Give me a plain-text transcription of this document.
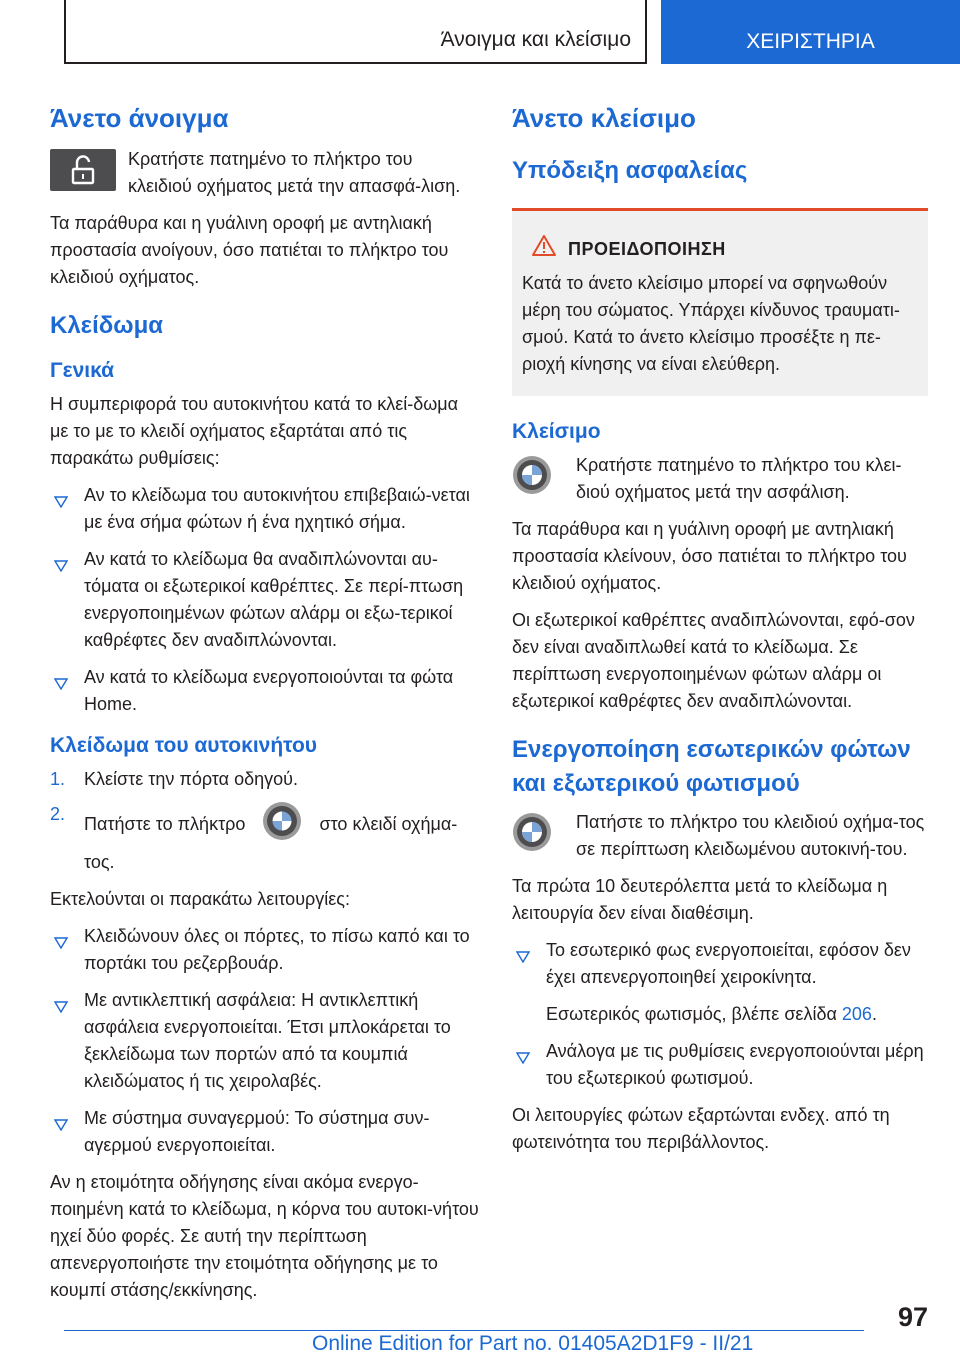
Άνοιγμα και κλείσιμο	ΧΕΙΡΙΣΤΗΡΙΑ
Άνετο άνοιγμα

Κρατήστε πατημένο το πλήκτρο του κλειδιού οχήματος μετά την απασφά-λιση.

Τα παράθυρα και η γυάλινη οροφή με αντηλιακή προστασία ανοίγουν, όσο πατιέται το πλήκτρο του κλειδιού οχήματος.

Κλείδωμα
Γενικά

Η συμπεριφορά του αυτοκινήτου κατά το κλεί-δωμα με το με το κλειδί οχήματος εξαρτάται από τις παρακάτω ρυθμίσεις:

Αν το κλείδωμα του αυτοκινήτου επιβεβαιώ-νεται με ένα σήμα φώτων ή ένα ηχητικό σήμα.
Αν κατά το κλείδωμα θα αναδιπλώνονται αυ-τόματα οι εξωτερικοί καθρέπτες. Σε περί-πτωση ενεργοποιημένων φώτων αλάρμ οι εξω-τερικοί καθρέφτες δεν αναδιπλώνονται.
Αν κατά το κλείδωμα ενεργοποιούνται τα φώτα Home.
Κλείδωμα του αυτοκινήτου
1. Κλείστε την πόρτα οδηγού.
2. Πατήστε το πλήκτρο	στο κλειδί οχήμα-τος.

Εκτελούνται οι παρακάτω λειτουργίες:

Κλειδώνουν όλες οι πόρτες, το πίσω καπό και το πορτάκι του ρεζερβουάρ.
Με αντικλεπτική ασφάλεια: Η αντικλεπτική ασφάλεια ενεργοποιείται. Έτσι μπλοκάρεται το ξεκλείδωμα των πορτών από τα κουμπιά κλειδώματος ή τις χειρολαβές.
Με σύστημα συναγερμού: Το σύστημα συν-αγερμού ενεργοποιείται.

Αν η ετοιμότητα οδήγησης είναι ακόμα ενεργο-ποιημένη κατά το κλείδωμα, η κόρνα του αυτοκι-νήτου ηχεί δύο φορές. Σε αυτή την περίπτωση απενεργοποιήστε την ετοιμότητα οδήγησης με το κουμπί στάσης/εκκίνησης.

Άνετο κλείσιμο
Υπόδειξη ασφαλείας
ΠΡΟΕΙΔΟΠΟΙΗΣΗ

Κατά το άνετο κλείσιμο μπορεί να σφηνωθούν μέρη του σώματος. Υπάρχει κίνδυνος τραυματι-σμού. Κατά το άνετο κλείσιμο προσέξτε η πε-ριοχή κίνησης να είναι ελεύθερη.

Κλείσιμο

Κρατήστε πατημένο το πλήκτρο του κλει-διού οχήματος μετά την ασφάλιση.

Τα παράθυρα και η γυάλινη οροφή με αντηλιακή προστασία κλείνουν, όσο πατιέται το πλήκτρο του κλειδιού οχήματος.

Οι εξωτερικοί καθρέπτες αναδιπλώνονται, εφό-σον δεν είναι αναδιπλωθεί κατά το κλείδωμα. Σε περίπτωση ενεργοποιημένων φώτων αλάρμ οι εξωτερικοί καθρέφτες δεν αναδιπλώνονται.

Ενεργοποίηση εσωτερικών φώτων και εξωτερικού φωτισμού

Πατήστε το πλήκτρο του κλειδιού οχήμα-τος σε περίπτωση κλειδωμένου αυτοκινή-του.

Τα πρώτα 10 δευτερόλεπτα μετά το κλείδωμα η λειτουργία δεν είναι διαθέσιμη.

Το εσωτερικό φως ενεργοποιείται, εφόσον δεν έχει απενεργοποιηθεί χειροκίνητα.

Εσωτερικός φωτισμός, βλέπε σελίδα 206.

Ανάλογα με τις ρυθμίσεις ενεργοποιούνται μέρη του εξωτερικού φωτισμού.

Οι λειτουργίες φώτων εξαρτώνται ενδεχ. από τη φωτεινότητα του περιβάλλοντος.

97
Online Edition for Part no. 01405A2D1F9 - II/21
